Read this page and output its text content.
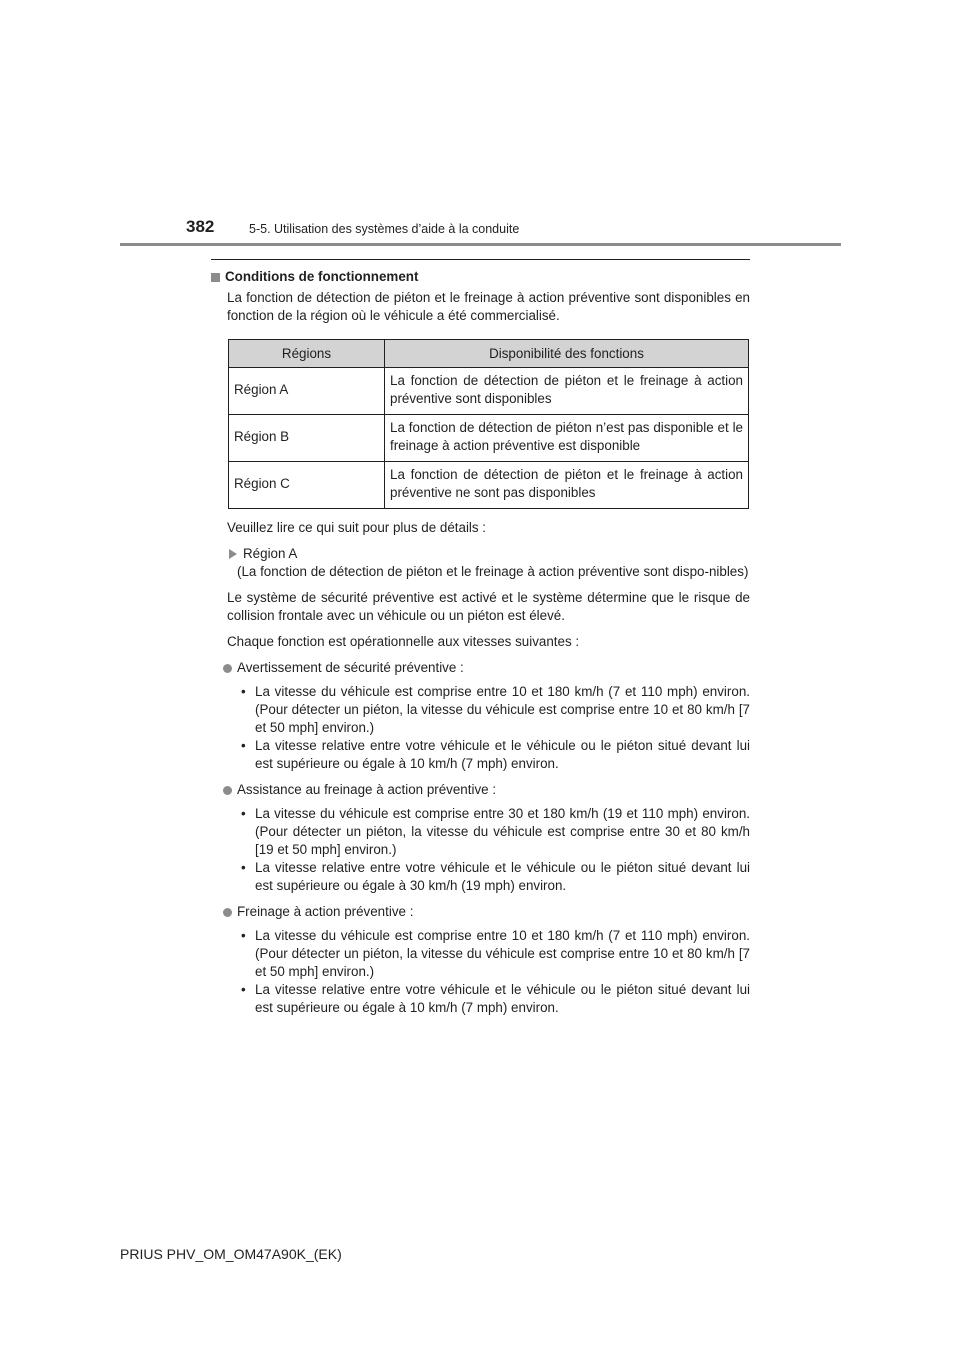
382	5-5. Utilisation des systèmes d’aide à la conduite
Conditions de fonctionnement

La fonction de détection de piéton et le freinage à action préventive sont disponibles en fonction de la région où le véhicule a été commercialisé.

Régions	Disponibilité des fonctions
Région A	La fonction de détection de piéton et le freinage à action préventive sont disponibles
Région B	La fonction de détection de piéton n’est pas disponible et le freinage à action préventive est disponible
Région C	La fonction de détection de piéton et le freinage à action préventive ne sont pas disponibles

Veuillez lire ce qui suit pour plus de détails :

Région A

(La fonction de détection de piéton et le freinage à action préventive sont dispo-nibles)

Le système de sécurité préventive est activé et le système détermine que le risque de collision frontale avec un véhicule ou un piéton est élevé.

Chaque fonction est opérationnelle aux vitesses suivantes :

Avertissement de sécurité préventive :
• La vitesse du véhicule est comprise entre 10 et 180 km/h (7 et 110 mph) environ. (Pour détecter un piéton, la vitesse du véhicule est comprise entre 10 et 80 km/h [7 et 50 mph] environ.)
• La vitesse relative entre votre véhicule et le véhicule ou le piéton situé devant lui est supérieure ou égale à 10 km/h (7 mph) environ.
Assistance au freinage à action préventive :
• La vitesse du véhicule est comprise entre 30 et 180 km/h (19 et 110 mph) environ. (Pour détecter un piéton, la vitesse du véhicule est comprise entre 30 et 80 km/h [19 et 50 mph] environ.)
• La vitesse relative entre votre véhicule et le véhicule ou le piéton situé devant lui est supérieure ou égale à 30 km/h (19 mph) environ.
Freinage à action préventive :
• La vitesse du véhicule est comprise entre 10 et 180 km/h (7 et 110 mph) environ. (Pour détecter un piéton, la vitesse du véhicule est comprise entre 10 et 80 km/h [7 et 50 mph] environ.)
• La vitesse relative entre votre véhicule et le véhicule ou le piéton situé devant lui est supérieure ou égale à 10 km/h (7 mph) environ.
PRIUS PHV_OM_OM47A90K_(EK)
